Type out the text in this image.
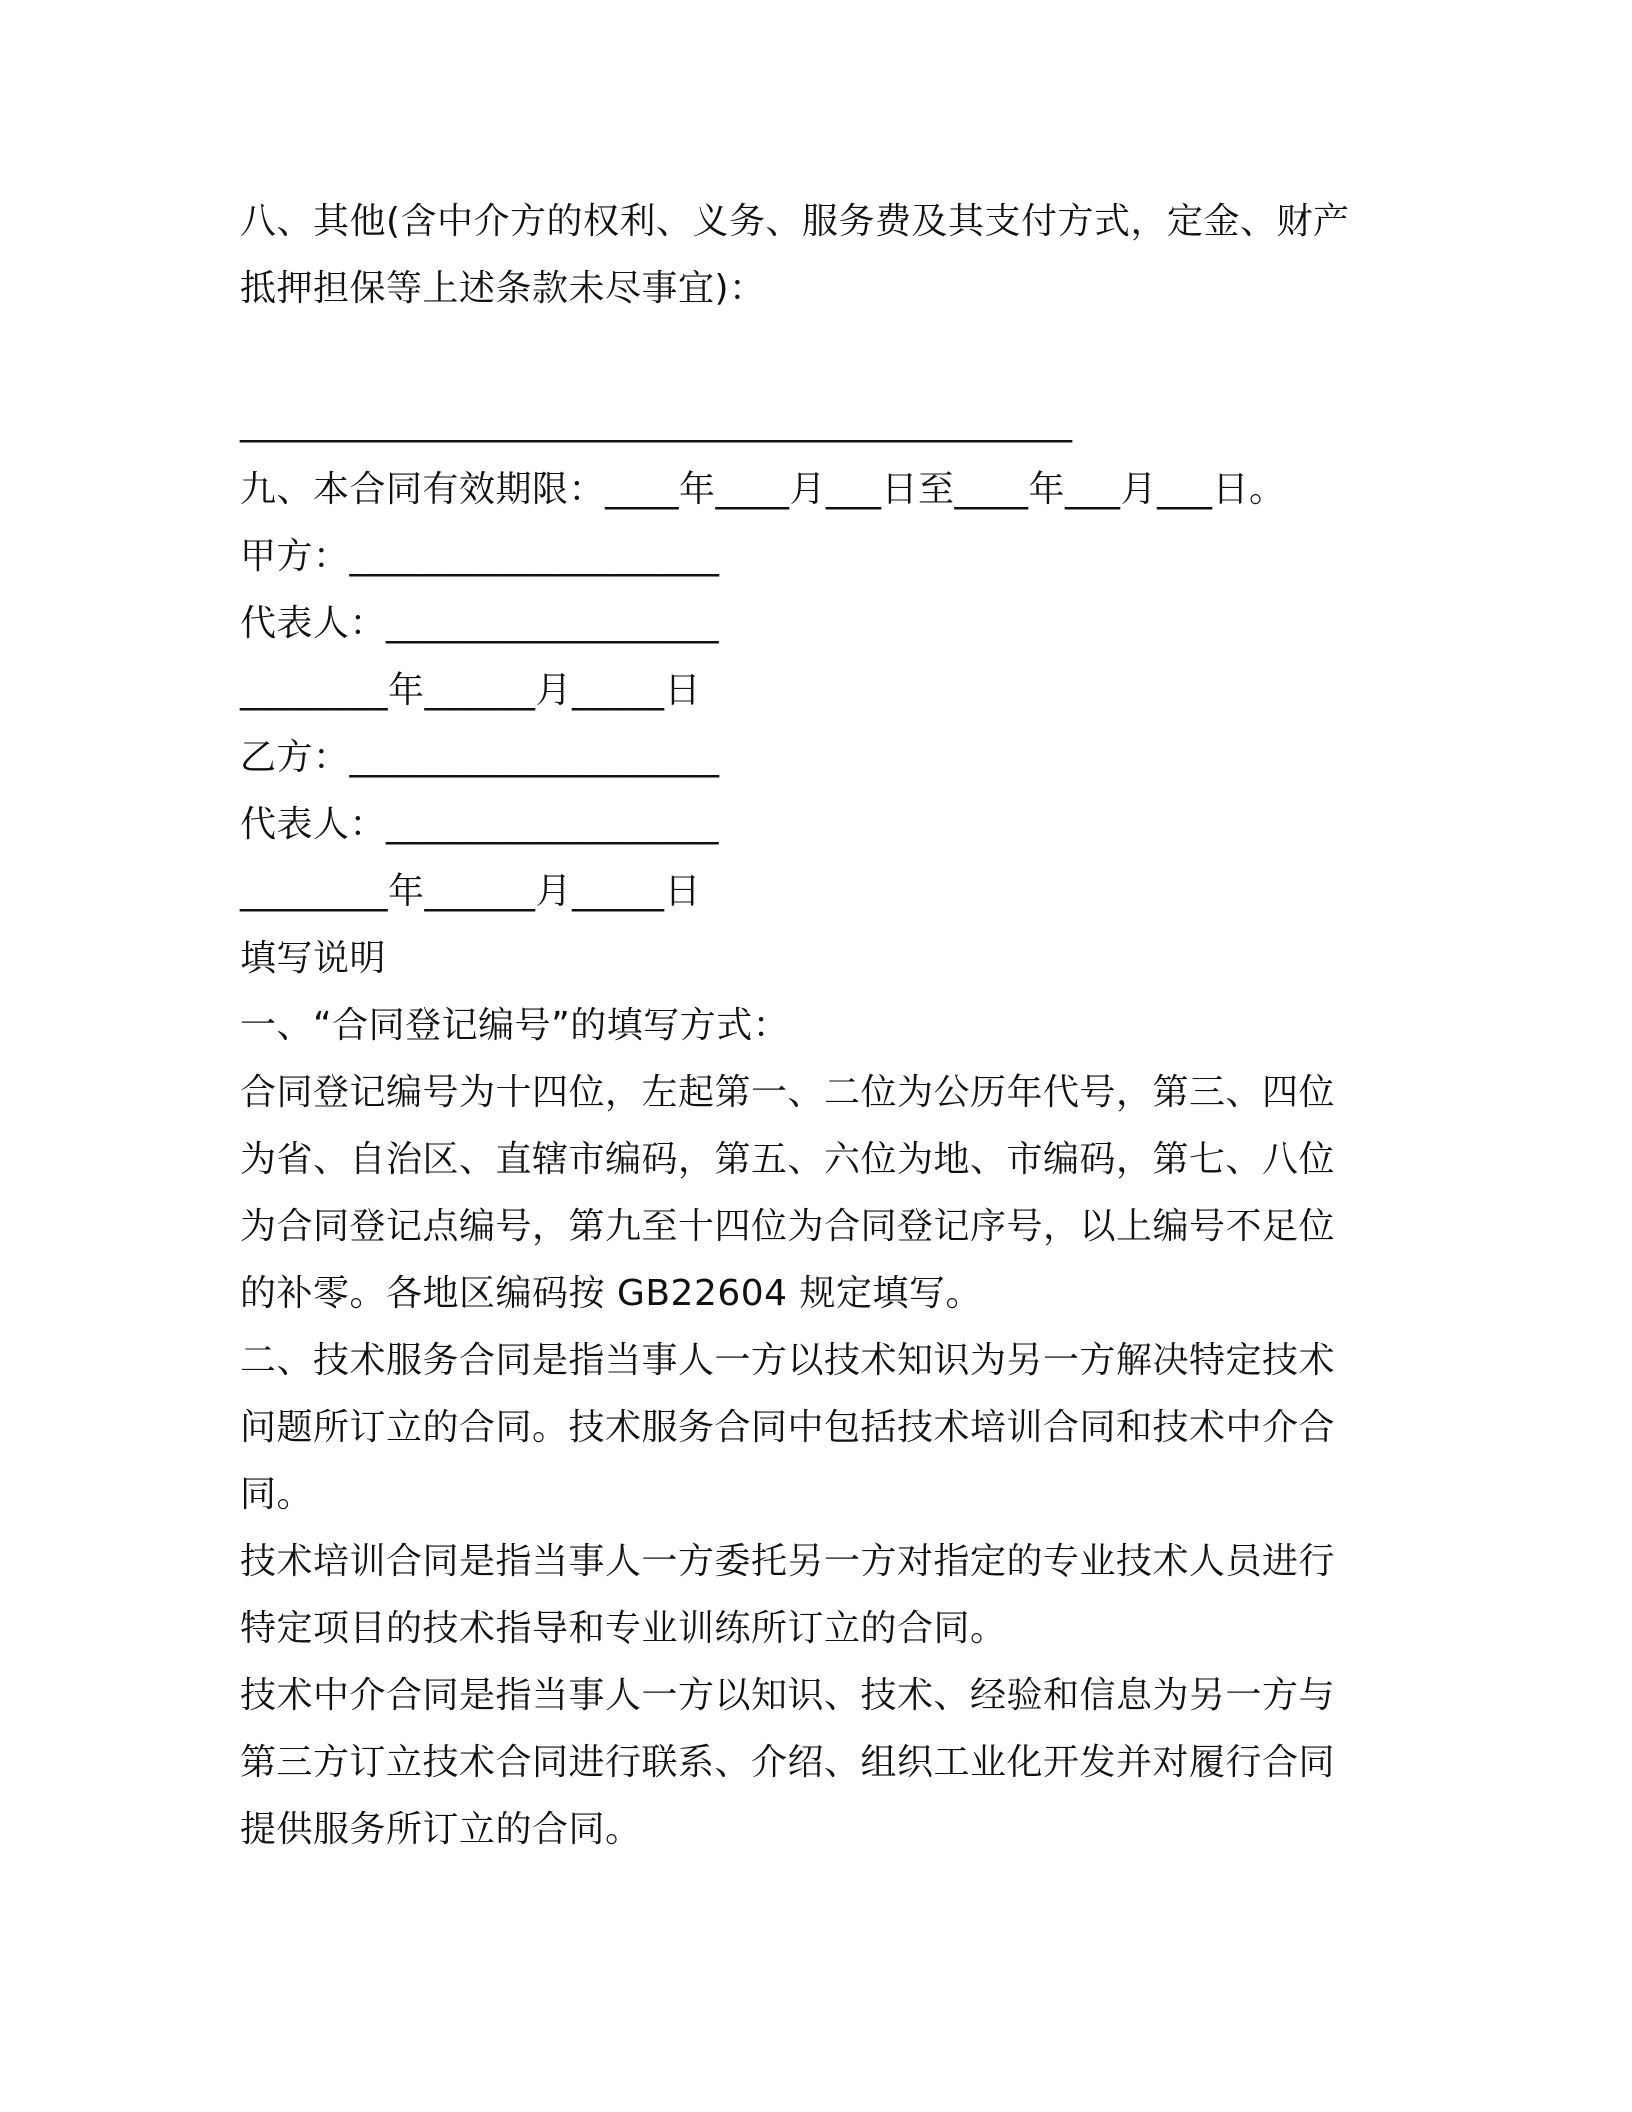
八、其他(含中介方的权利、义务、服务费及其支付方式，定金、财产
抵押担保等上述条款未尽事宜)：
_____________________________________________
九、本合同有效期限：____年____月___日至____年___月___日。
甲方：____________________
代表人：__________________
________年______月_____日
乙方：____________________
代表人：__________________
________年______月_____日
填写说明
一、“合同登记编号”的填写方式：
合同登记编号为十四位，左起第一、二位为公历年代号，第三、四位
为省、自治区、直辖市编码，第五、六位为地、市编码，第七、八位
为合同登记点编号，第九至十四位为合同登记序号，以上编号不足位
的补零。各地区编码按 GB22604 规定填写。
二、技术服务合同是指当事人一方以技术知识为另一方解决特定技术
问题所订立的合同。技术服务合同中包括技术培训合同和技术中介合
同。
技术培训合同是指当事人一方委托另一方对指定的专业技术人员进行
特定项目的技术指导和专业训练所订立的合同。
技术中介合同是指当事人一方以知识、技术、经验和信息为另一方与
第三方订立技术合同进行联系、介绍、组织工业化开发并对履行合同
提供服务所订立的合同。
